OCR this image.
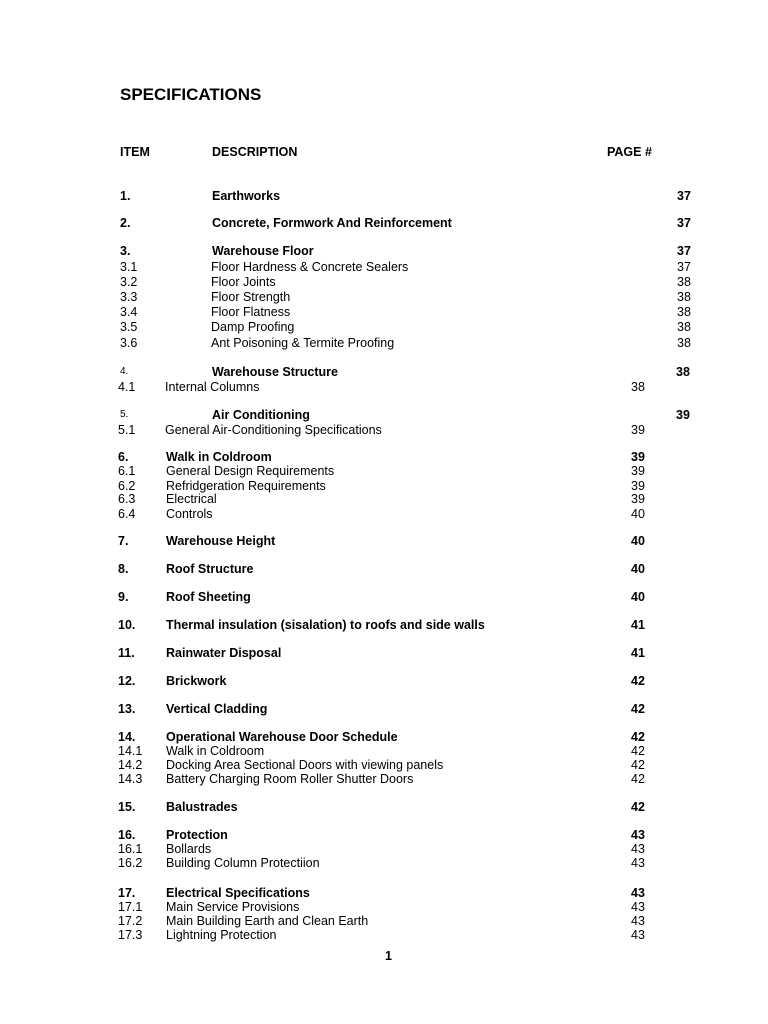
SPECIFICATIONS
ITEM	DESCRIPTION	PAGE #
1.	Earthworks	37
2.	Concrete, Formwork And Reinforcement	37
3.	Warehouse Floor	37
3.1	Floor Hardness & Concrete Sealers	37
3.2	Floor Joints	38
3.3	Floor Strength	38
3.4	Floor Flatness	38
3.5	Damp Proofing	38
3.6	Ant Poisoning & Termite Proofing	38
4.	Warehouse Structure	38
4.1 Internal Columns	38
5.	Air Conditioning	39
5.1 General Air-Conditioning Specifications	39
6.	Walk in Coldroom	39
6.1 General Design Requirements	39
6.2 Refridgeration Requirements	39
6.3 Electrical	39
6.4 Controls	40
7.	Warehouse Height	40
8.	Roof Structure	40
9.	Roof Sheeting	40
10. Thermal insulation (sisalation) to roofs and side walls	41
11.	Rainwater Disposal	41
12. Brickwork	42
13. Vertical Cladding	42
14. Operational Warehouse Door Schedule	42
14.1 Walk in Coldroom	42
14.2 Docking Area Sectional Doors with viewing panels	42
14.3 Battery Charging Room Roller Shutter Doors	42
15. Balustrades	42
16. Protection	43
16.1 Bollards	43
16.2 Building Column Protectiion	43
17. Electrical Specifications	43
17.1 Main Service Provisions	43
17.2 Main Building Earth and Clean Earth	43
17.3 Lightning Protection	43
1
